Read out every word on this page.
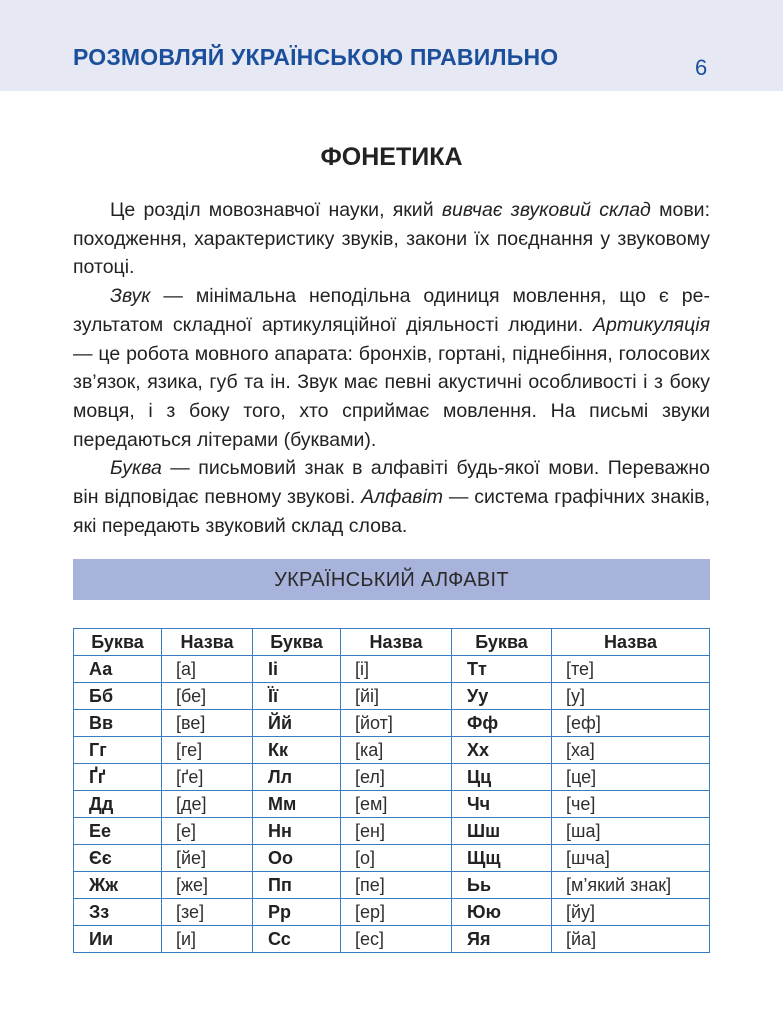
РОЗМОВЛЯЙ УКРАЇНСЬКОЮ ПРАВИЛЬНО	6
ФОНЕТИКА

Це розділ мовознавчої науки, який вивчає звуковий склад мови: походження, характеристику звуків, закони їх поєднання у звуковому потоці.

Звук — мінімальна неподільна одиниця мовлення, що є результатом складної артикуляційної діяльності людини. Артикуляція — це робота мовного апарата: бронхів, гортані, піднебіння, голосових зв’язок, язика, губ та ін. Звук має певні акустичні особливості і з боку мовця, і з боку того, хто сприймає мовлення. На письмі звуки передаються літерами (буквами).

Буква — письмовий знак в алфавіті будь-якої мови. Переважно він відповідає певному звукові. Алфавіт — система графічних знаків, які передають звуковий склад слова.

УКРАЇНСЬКИЙ АЛФАВІТ
Буква	Назва	Буква	Назва	Буква	Назва
Аа	[а]	Іі	[і]	Тт	[те]
Бб	[бе]	Її	[йі]	Уу	[у]
Вв	[ве]	Йй	[йот]	Фф	[еф]
Гг	[ге]	Кк	[ка]	Хх	[ха]
Ґґ	[ґе]	Лл	[ел]	Цц	[це]
Дд	[де]	Мм	[ем]	Чч	[че]
Ее	[е]	Нн	[ен]	Шш	[ша]
Єє	[йе]	Оо	[о]	Щщ	[шча]
Жж	[же]	Пп	[пе]	Ьь	[м’який знак]
Зз	[зе]	Рр	[ер]	Юю	[йу]
Ии	[и]	Сс	[ес]	Яя	[йа]
